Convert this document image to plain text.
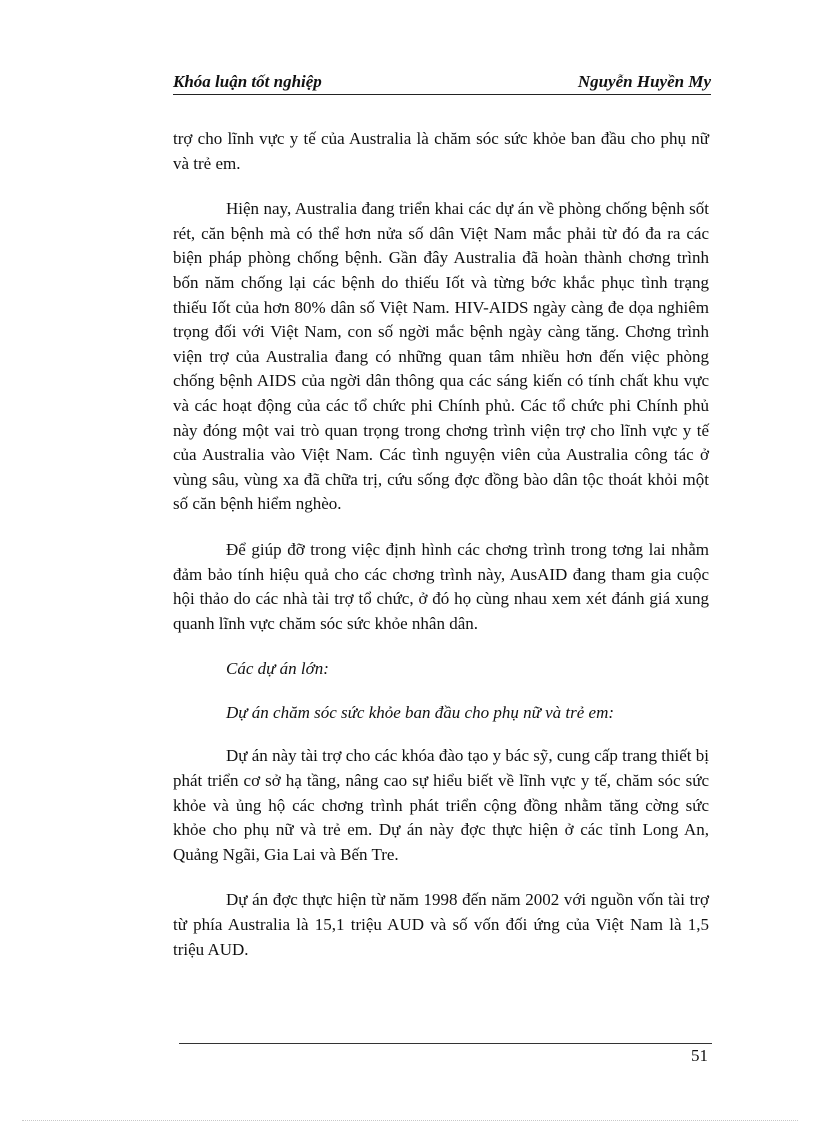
Khóa luận tốt nghiệp	Nguyễn Huyền My

trợ cho lĩnh vực y tế của Australia là chăm sóc sức khỏe ban đầu cho phụ nữ và trẻ em.

Hiện nay, Australia đang triển khai các dự án về phòng chống bệnh sốt rét, căn bệnh mà có thể hơn nửa số dân Việt Nam mắc phải từ đó đa ra các biện pháp phòng chống bệnh. Gần đây Australia đã hoàn thành chơng trình bốn năm chống lại các bệnh do thiếu Iốt và từng bớc khắc phục tình trạng thiếu Iốt của hơn 80% dân số Việt Nam. HIV-AIDS ngày càng đe dọa nghiêm trọng đối với Việt Nam, con số ngời mắc bệnh ngày càng tăng. Chơng trình viện trợ của Australia đang có những quan tâm nhiều hơn đến việc phòng chống bệnh AIDS của ngời dân thông qua các sáng kiến có tính chất khu vực và các hoạt động của các tổ chức phi Chính phủ. Các tổ chức phi Chính phủ này đóng một vai trò quan trọng trong chơng trình viện trợ cho lĩnh vực y tế của Australia vào Việt Nam. Các tình nguyện viên của Australia công tác ở vùng sâu, vùng xa đã chữa trị, cứu sống đợc đồng bào dân tộc thoát khỏi một số căn bệnh hiểm nghèo.

Để giúp đỡ trong việc định hình các chơng trình trong tơng lai nhằm đảm bảo tính hiệu quả cho các chơng trình này, AusAID đang tham gia cuộc hội thảo do các nhà tài trợ tổ chức, ở đó họ cùng nhau xem xét đánh giá xung quanh lĩnh vực chăm sóc sức khỏe nhân dân.

Các dự án lớn:

Dự án chăm sóc sức khỏe ban đầu cho phụ nữ và trẻ em:

Dự án này tài trợ cho các khóa đào tạo y bác sỹ, cung cấp trang thiết bị phát triển cơ sở hạ tầng, nâng cao sự hiểu biết về lĩnh vực y tế, chăm sóc sức khỏe và ủng hộ các chơng trình phát triển cộng đồng nhằm tăng cờng sức khỏe cho phụ nữ và trẻ em. Dự án này đợc thực hiện ở các tỉnh Long An, Quảng Ngãi, Gia Lai và Bến Tre.

Dự án đợc thực hiện từ năm 1998 đến năm 2002 với nguồn vốn tài trợ từ phía Australia là 15,1 triệu AUD và số vốn đối ứng của Việt Nam là 1,5 triệu AUD.

51
